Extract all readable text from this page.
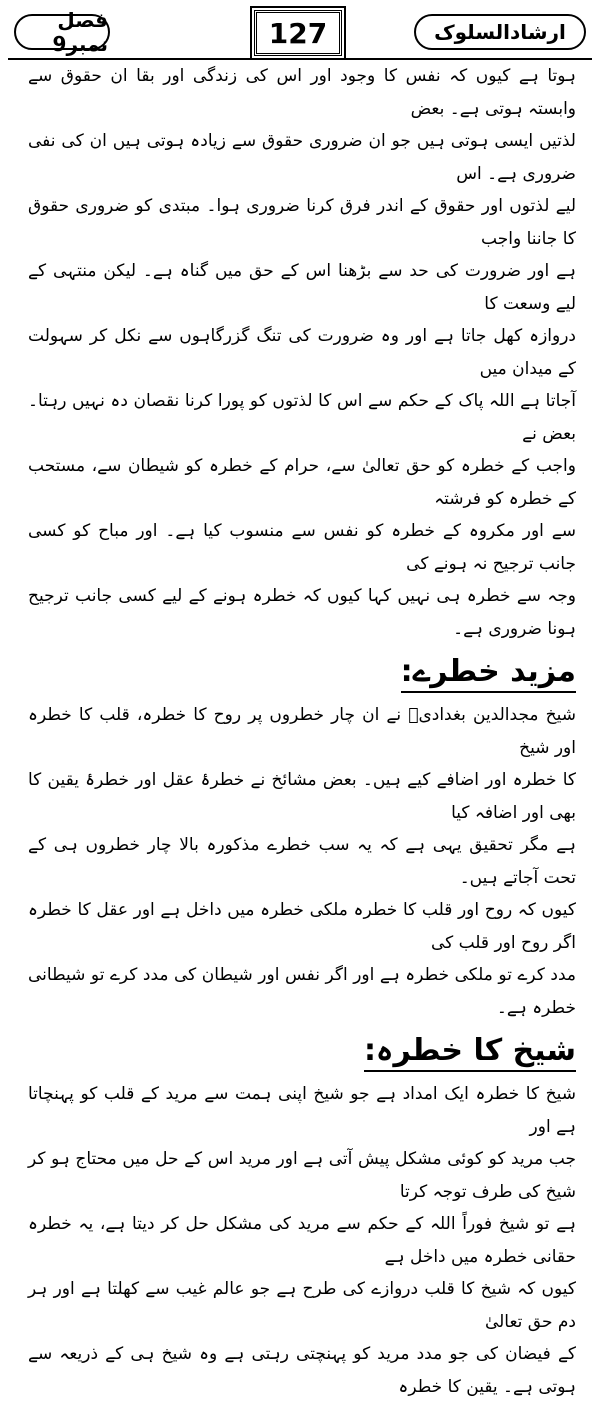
فصل نمبر9	127	ارشادالسلوک

ہوتا ہے کیوں کہ نفس کا وجود اور اس کی زندگی اور بقا ان حقوق سے وابستہ ہوتی ہے۔ بعض

لذتیں ایسی ہوتی ہیں جو ان ضروری حقوق سے زیادہ ہوتی ہیں ان کی نفی ضروری ہے۔ اس

لیے لذتوں اور حقوق کے اندر فرق کرنا ضروری ہوا۔ مبتدی کو ضروری حقوق کا جاننا واجب

ہے اور ضرورت کی حد سے بڑھنا اس کے حق میں گناہ ہے۔ لیکن منتہی کے لیے وسعت کا

دروازہ کھل جاتا ہے اور وہ ضرورت کی تنگ گزرگاہوں سے نکل کر سہولت کے میدان میں

آجاتا ہے اللہ پاک کے حکم سے اس کا لذتوں کو پورا کرنا نقصان دہ نہیں رہتا۔ بعض نے

واجب کے خطرہ کو حق تعالیٰ سے، حرام کے خطرہ کو شیطان سے، مستحب کے خطرہ کو فرشتہ

سے اور مکروہ کے خطرہ کو نفس سے منسوب کیا ہے۔ اور مباح کو کسی جانب ترجیح نہ ہونے کی

وجہ سے خطرہ ہی نہیں کہا کیوں کہ خطرہ ہونے کے لیے کسی جانب ترجیح ہونا ضروری ہے۔

مزید خطرے:

شیخ مجدالدین بغدادیؒ نے ان چار خطروں پر روح کا خطرہ، قلب کا خطرہ اور شیخ

کا خطرہ اور اضافے کیے ہیں۔ بعض مشائخ نے خطرۂ عقل اور خطرۂ یقین کا بھی اور اضافہ کیا

ہے مگر تحقیق یہی ہے کہ یہ سب خطرے مذکورہ بالا چار خطروں ہی کے تحت آجاتے ہیں۔

کیوں کہ روح اور قلب کا خطرہ ملکی خطرہ میں داخل ہے اور عقل کا خطرہ اگر روح اور قلب کی

مدد کرے تو ملکی خطرہ ہے اور اگر نفس اور شیطان کی مدد کرے تو شیطانی خطرہ ہے۔

شیخ کا خطرہ:

شیخ کا خطرہ ایک امداد ہے جو شیخ اپنی ہمت سے مرید کے قلب کو پہنچاتا ہے اور

جب مرید کو کوئی مشکل پیش آتی ہے اور مرید اس کے حل میں محتاج ہو کر شیخ کی طرف توجہ کرتا

ہے تو شیخ فوراً اللہ کے حکم سے مرید کی مشکل حل کر دیتا ہے، یہ خطرہ حقانی خطرہ میں داخل ہے

کیوں کہ شیخ کا قلب دروازے کی طرح ہے جو عالم غیب سے کھلتا ہے اور ہر دم حق تعالیٰ

کے فیضان کی جو مدد مرید کو پہنچتی رہتی ہے وہ شیخ ہی کے ذریعہ سے ہوتی ہے۔ یقین کا خطرہ
